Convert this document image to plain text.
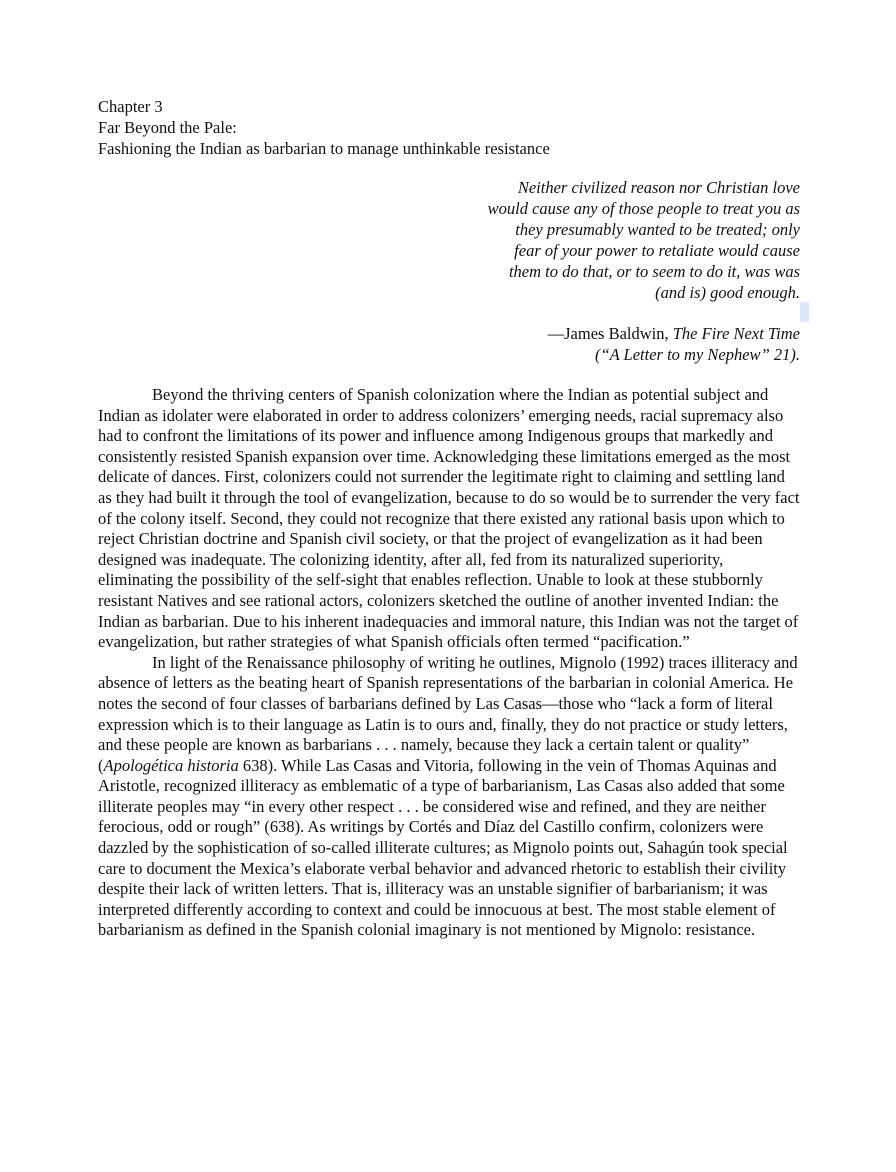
Chapter 3

Far Beyond the Pale:

Fashioning the Indian as barbarian to manage unthinkable resistance

Neither civilized reason nor Christian love
would cause any of those people to treat you as
they presumably wanted to be treated; only
fear of your power to retaliate would cause
them to do that, or to seem to do it, was was
(and is) good enough.
—James Baldwin, The Fire Next Time
(“A Letter to my Nephew” 21).

Beyond the thriving centers of Spanish colonization where the Indian as potential subject and Indian as idolater were elaborated in order to address colonizers’ emerging needs, racial supremacy also had to confront the limitations of its power and influence among Indigenous groups that markedly and consistently resisted Spanish expansion over time. Acknowledging these limitations emerged as the most delicate of dances. First, colonizers could not surrender the legitimate right to claiming and settling land as they had built it through the tool of evangelization, because to do so would be to surrender the very fact of the colony itself. Second, they could not recognize that there existed any rational basis upon which to reject Christian doctrine and Spanish civil society, or that the project of evangelization as it had been designed was inadequate. The colonizing identity, after all, fed from its naturalized superiority, eliminating the possibility of the self-sight that enables reflection. Unable to look at these stubbornly resistant Natives and see rational actors, colonizers sketched the outline of another invented Indian: the Indian as barbarian. Due to his inherent inadequacies and immoral nature, this Indian was not the target of evangelization, but rather strategies of what Spanish officials often termed “pacification.”

In light of the Renaissance philosophy of writing he outlines, Mignolo (1992) traces illiteracy and absence of letters as the beating heart of Spanish representations of the barbarian in colonial America. He notes the second of four classes of barbarians defined by Las Casas—those who “lack a form of literal expression which is to their language as Latin is to ours and, finally, they do not practice or study letters, and these people are known as barbarians . . . namely, because they lack a certain talent or quality” (Apologética historia 638). While Las Casas and Vitoria, following in the vein of Thomas Aquinas and Aristotle, recognized illiteracy as emblematic of a type of barbarianism, Las Casas also added that some illiterate peoples may “in every other respect . . . be considered wise and refined, and they are neither ferocious, odd or rough” (638). As writings by Cortés and Díaz del Castillo confirm, colonizers were dazzled by the sophistication of so-called illiterate cultures; as Mignolo points out, Sahagún took special care to document the Mexica’s elaborate verbal behavior and advanced rhetoric to establish their civility despite their lack of written letters. That is, illiteracy was an unstable signifier of barbarianism; it was interpreted differently according to context and could be innocuous at best. The most stable element of barbarianism as defined in the Spanish colonial imaginary is not mentioned by Mignolo: resistance.
